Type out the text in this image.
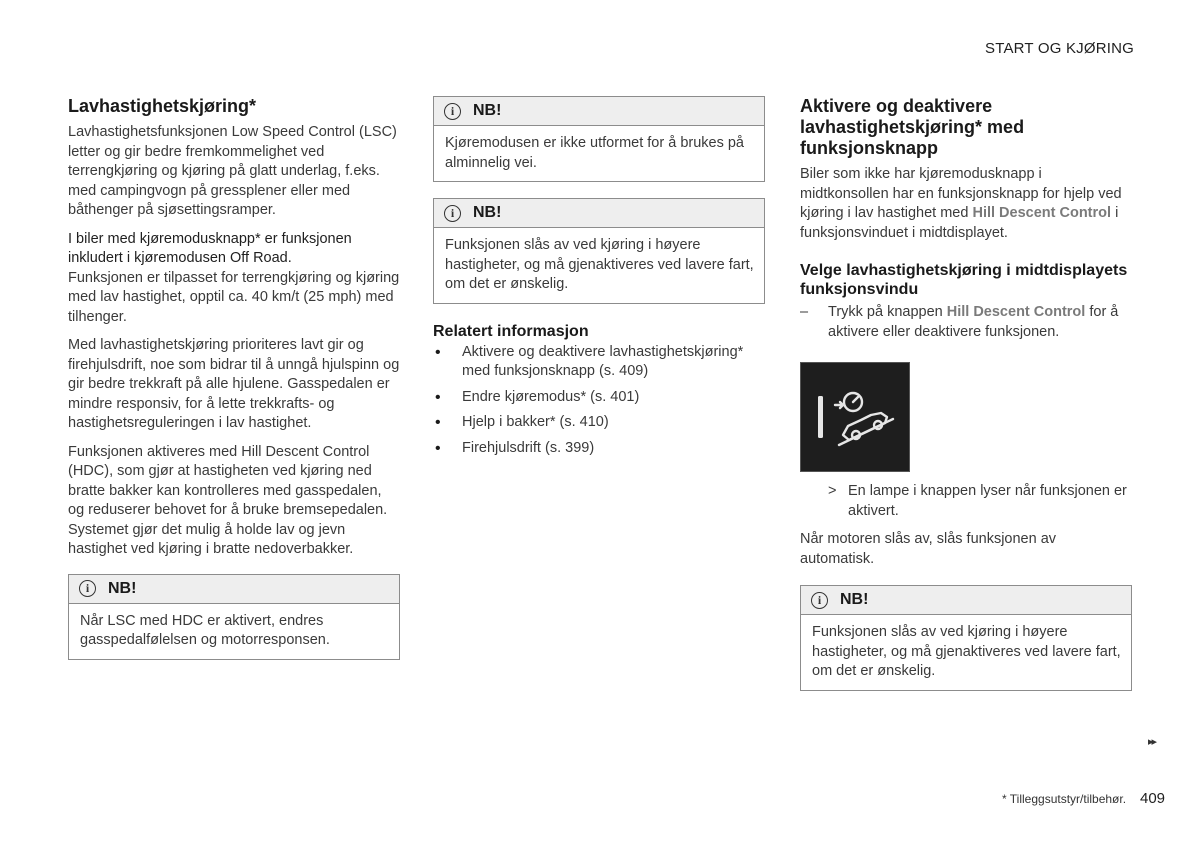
START OG KJØRING
Lavhastighetskjøring*

Lavhastighetsfunksjonen Low Speed Control (LSC) letter og gir bedre fremkommelighet ved terrengkjøring og kjøring på glatt underlag, f.eks. med campingvogn på gressplener eller med båthenger på sjøsettingsramper.

I biler med kjøremodusknapp* er funksjonen inkludert i kjøremodusen Off Road.

Funksjonen er tilpasset for terrengkjøring og kjøring med lav hastighet, opptil ca. 40 km/t (25 mph) med tilhenger.

Med lavhastighetskjøring prioriteres lavt gir og firehjulsdrift, noe som bidrar til å unngå hjulspinn og gir bedre trekkraft på alle hjulene. Gasspedalen er mindre responsiv, for å lette trekkrafts- og hastighetsreguleringen i lav hastighet.

Funksjonen aktiveres med Hill Descent Control (HDC), som gjør at hastigheten ved kjøring ned bratte bakker kan kontrolleres med gasspedalen, og reduserer behovet for å bruke bremsepedalen. Systemet gjør det mulig å holde lav og jevn hastighet ved kjøring i bratte nedoverbakker.

i	NB!
Når LSC med HDC er aktivert, endres gasspedalfølelsen og motorresponsen.
i	NB!
Kjøremodusen er ikke utformet for å brukes på alminnelig vei.
i	NB!
Funksjonen slås av ved kjøring i høyere hastigheter, og må gjenaktiveres ved lavere fart, om det er ønskelig.
Relatert informasjon
• Aktivere og deaktivere lavhastighetskjøring* med funksjonsknapp (s. 409)
• Endre kjøremodus* (s. 401)
• Hjelp i bakker* (s. 410)
• Firehjulsdrift (s. 399)
Aktivere og deaktivere lavhastighetskjøring* med funksjonsknapp

Biler som ikke har kjøremodusknapp i midtkonsollen har en funksjonsknapp for hjelp ved kjøring i lav hastighet med Hill Descent Control i funksjonsvinduet i midtdisplayet.

Velge lavhastighetskjøring i midtdisplayets funksjonsvindu
– Trykk på knappen Hill Descent Control for å aktivere eller deaktivere funksjonen.
> En lampe i knappen lyser når funksjonen er aktivert.

Når motoren slås av, slås funksjonen av automatisk.

i	NB!
Funksjonen slås av ved kjøring i høyere hastigheter, og må gjenaktiveres ved lavere fart, om det er ønskelig.
▸▸
* Tilleggsutstyr/tilbehør. 409
